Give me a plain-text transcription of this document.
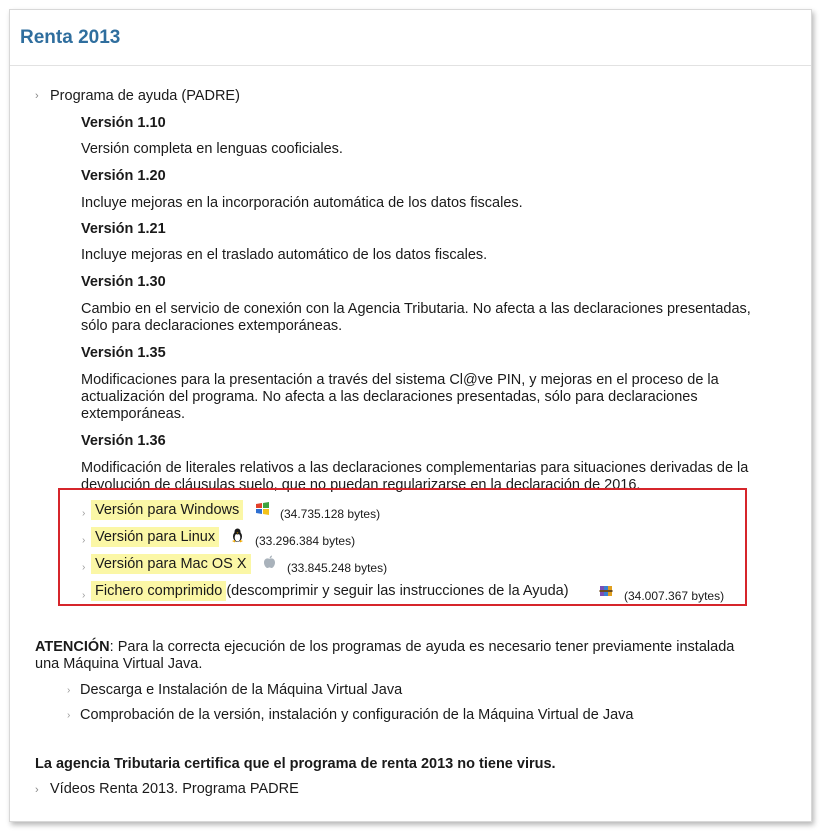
Renta 2013
› Programa de ayuda (PADRE)
Versión 1.10
Versión completa en lenguas cooficiales.
Versión 1.20
Incluye mejoras en la incorporación automática de los datos fiscales.
Versión 1.21
Incluye mejoras en el traslado automático de los datos fiscales.
Versión 1.30
Cambio en el servicio de conexión con la Agencia Tributaria. No afecta a las declaraciones presentadas,
sólo para declaraciones extemporáneas.
Versión 1.35
Modificaciones para la presentación a través del sistema Cl@ve PIN, y mejoras en el proceso de la
actualización del programa. No afecta a las declaraciones presentadas, sólo para declaraciones
extemporáneas.
Versión 1.36
Modificación de literales relativos a las declaraciones complementarias para situaciones derivadas de la
devolución de cláusulas suelo, que no puedan regularizarse en la declaración de 2016.
› Versión para Windows	(34.735.128 bytes)
› Versión para Linux	(33.296.384 bytes)
› Versión para Mac OS X	(33.845.248 bytes)
› Fichero comprimido (descomprimir y seguir las instrucciones de la Ayuda)	(34.007.367 bytes)
ATENCIÓN: Para la correcta ejecución de los programas de ayuda es necesario tener previamente instalada
una Máquina Virtual Java.
› Descarga e Instalación de la Máquina Virtual Java
› Comprobación de la versión, instalación y configuración de la Máquina Virtual de Java
La agencia Tributaria certifica que el programa de renta 2013 no tiene virus.
› Vídeos Renta 2013. Programa PADRE
